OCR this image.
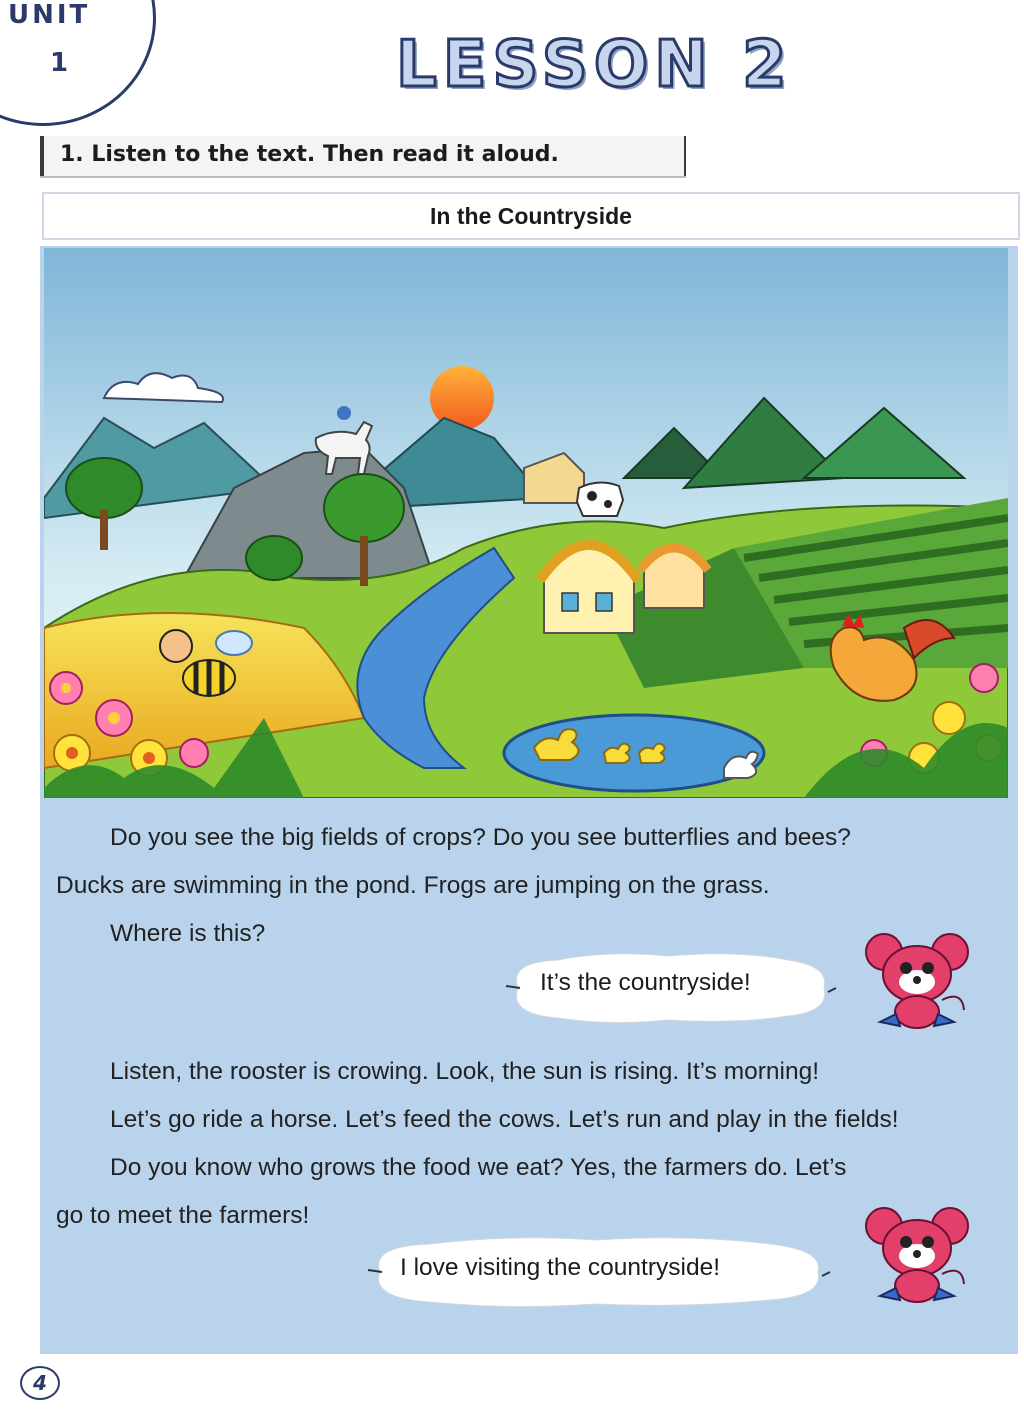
UNIT
1	LESSON 2
1. Listen to the text. Then read it aloud.
In the Countryside
Do you see the big fields of crops? Do you see butterflies and bees?
Ducks are swimming in the pond. Frogs are jumping on the grass.
Where is this?
It’s the countryside!
Listen, the rooster is crowing. Look, the sun is rising. It’s morning!
Let’s go ride a horse. Let’s feed the cows. Let’s run and play in the fields!
Do you know who grows the food we eat? Yes, the farmers do. Let’s
go to meet the farmers!
I love visiting the countryside!
4
